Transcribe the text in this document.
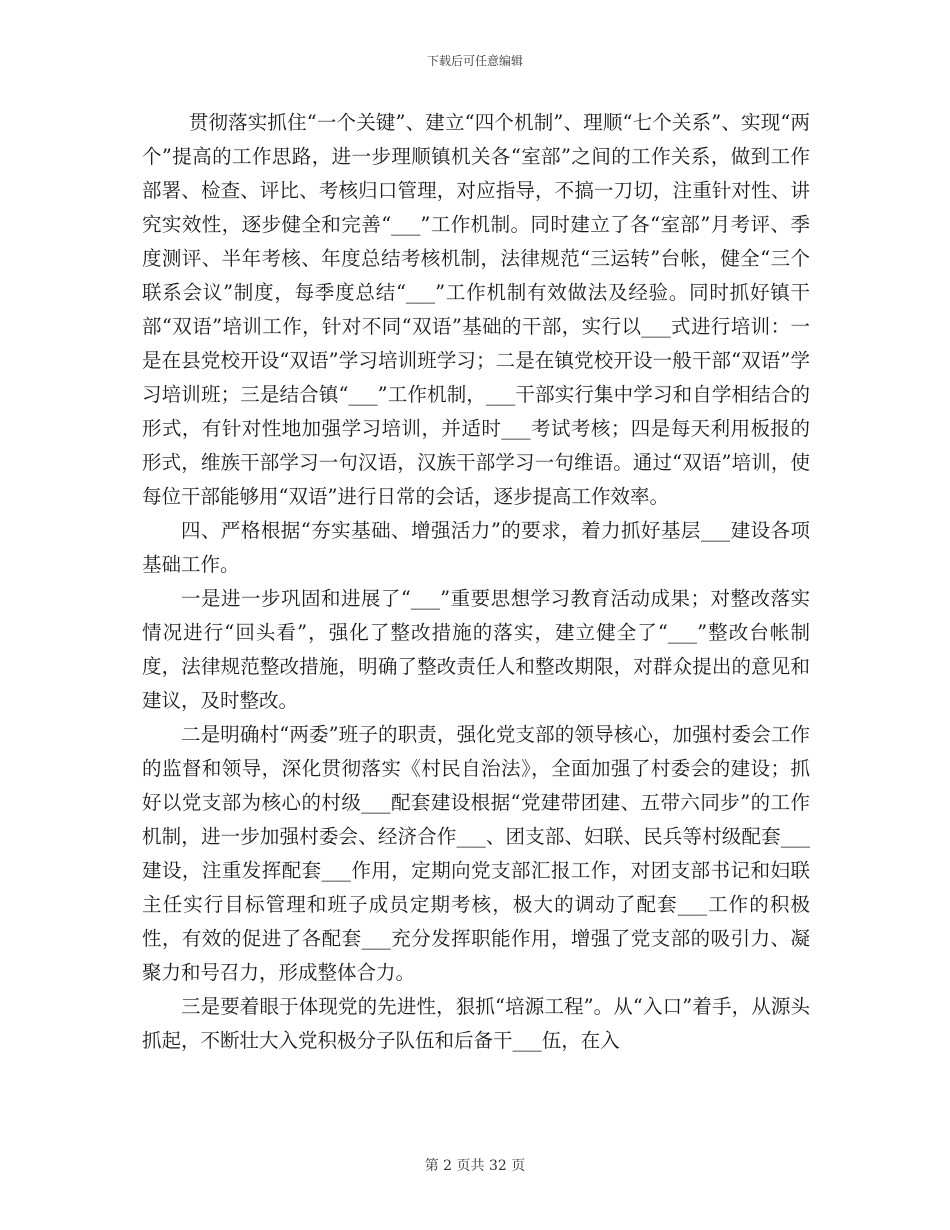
下载后可任意编辑

贯彻落实抓住“一个关键”、建立“四个机制”、理顺“七个关系”、实现“两个”提高的工作思路，进一步理顺镇机关各“室部”之间的工作关系，做到工作部署、检查、评比、考核归口管理，对应指导，不搞一刀切，注重针对性、讲究实效性，逐步健全和完善“___”工作机制。同时建立了各“室部”月考评、季度测评、半年考核、年度总结考核机制，法律规范“三运转”台帐，健全“三个联系会议”制度，每季度总结“___”工作机制有效做法及经验。同时抓好镇干部“双语”培训工作，针对不同“双语”基础的干部，实行以___式进行培训：一是在县党校开设“双语”学习培训班学习；二是在镇党校开设一般干部“双语”学习培训班；三是结合镇“___”工作机制，___干部实行集中学习和自学相结合的形式，有针对性地加强学习培训，并适时___考试考核；四是每天利用板报的形式，维族干部学习一句汉语，汉族干部学习一句维语。通过“双语”培训，使每位干部能够用“双语”进行日常的会话，逐步提高工作效率。

四、严格根据“夯实基础、增强活力”的要求，着力抓好基层___建设各项基础工作。

一是进一步巩固和进展了“___”重要思想学习教育活动成果；对整改落实情况进行“回头看”，强化了整改措施的落实，建立健全了“___”整改台帐制度，法律规范整改措施，明确了整改责任人和整改期限，对群众提出的意见和建议，及时整改。

二是明确村“两委”班子的职责，强化党支部的领导核心，加强村委会工作的监督和领导，深化贯彻落实《村民自治法》，全面加强了村委会的建设；抓好以党支部为核心的村级___配套建设根据“党建带团建、五带六同步”的工作机制，进一步加强村委会、经济合作___、团支部、妇联、民兵等村级配套___建设，注重发挥配套___作用，定期向党支部汇报工作，对团支部书记和妇联主任实行目标管理和班子成员定期考核，极大的调动了配套___工作的积极性，有效的促进了各配套___充分发挥职能作用，增强了党支部的吸引力、凝聚力和号召力，形成整体合力。

三是要着眼于体现党的先进性，狠抓“培源工程”。从“入口”着手，从源头抓起，不断壮大入党积极分子队伍和后备干___伍，在入

第 2 页共 32 页
